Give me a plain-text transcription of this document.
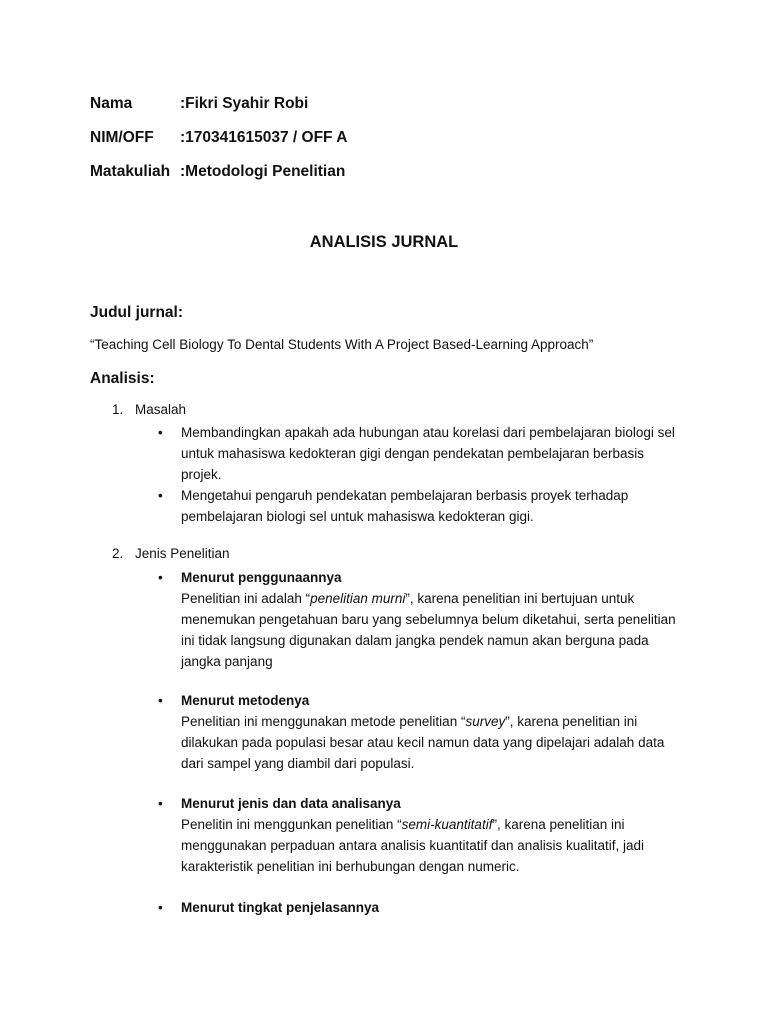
Nama	:Fikri Syahir Robi
NIM/OFF :170341615037 / OFF A
Matakuliah :Metodologi Penelitian
ANALISIS JURNAL
Judul jurnal:
“Teaching Cell Biology To Dental Students With A Project Based-Learning Approach”
Analisis:
1. Masalah
• Membandingkan apakah ada hubungan atau korelasi dari pembelajaran biologi sel untuk mahasiswa kedokteran gigi dengan pendekatan pembelajaran berbasis projek.
• Mengetahui pengaruh pendekatan pembelajaran berbasis proyek terhadap pembelajaran biologi sel untuk mahasiswa kedokteran gigi.
2. Jenis Penelitian
• Menurut penggunaannya
Penelitian ini adalah “penelitian murni”, karena penelitian ini bertujuan untuk menemukan pengetahuan baru yang sebelumnya belum diketahui, serta penelitian ini tidak langsung digunakan dalam jangka pendek namun akan berguna pada jangka panjang
• Menurut metodenya
Penelitian ini menggunakan metode penelitian “survey”, karena penelitian ini dilakukan pada populasi besar atau kecil namun data yang dipelajari adalah data dari sampel yang diambil dari populasi.
• Menurut jenis dan data analisanya
Penelitin ini menggunkan penelitian “semi-kuantitatif”, karena penelitian ini menggunakan perpaduan antara analisis kuantitatif dan analisis kualitatif, jadi karakteristik penelitian ini berhubungan dengan numeric.
• Menurut tingkat penjelasannya
